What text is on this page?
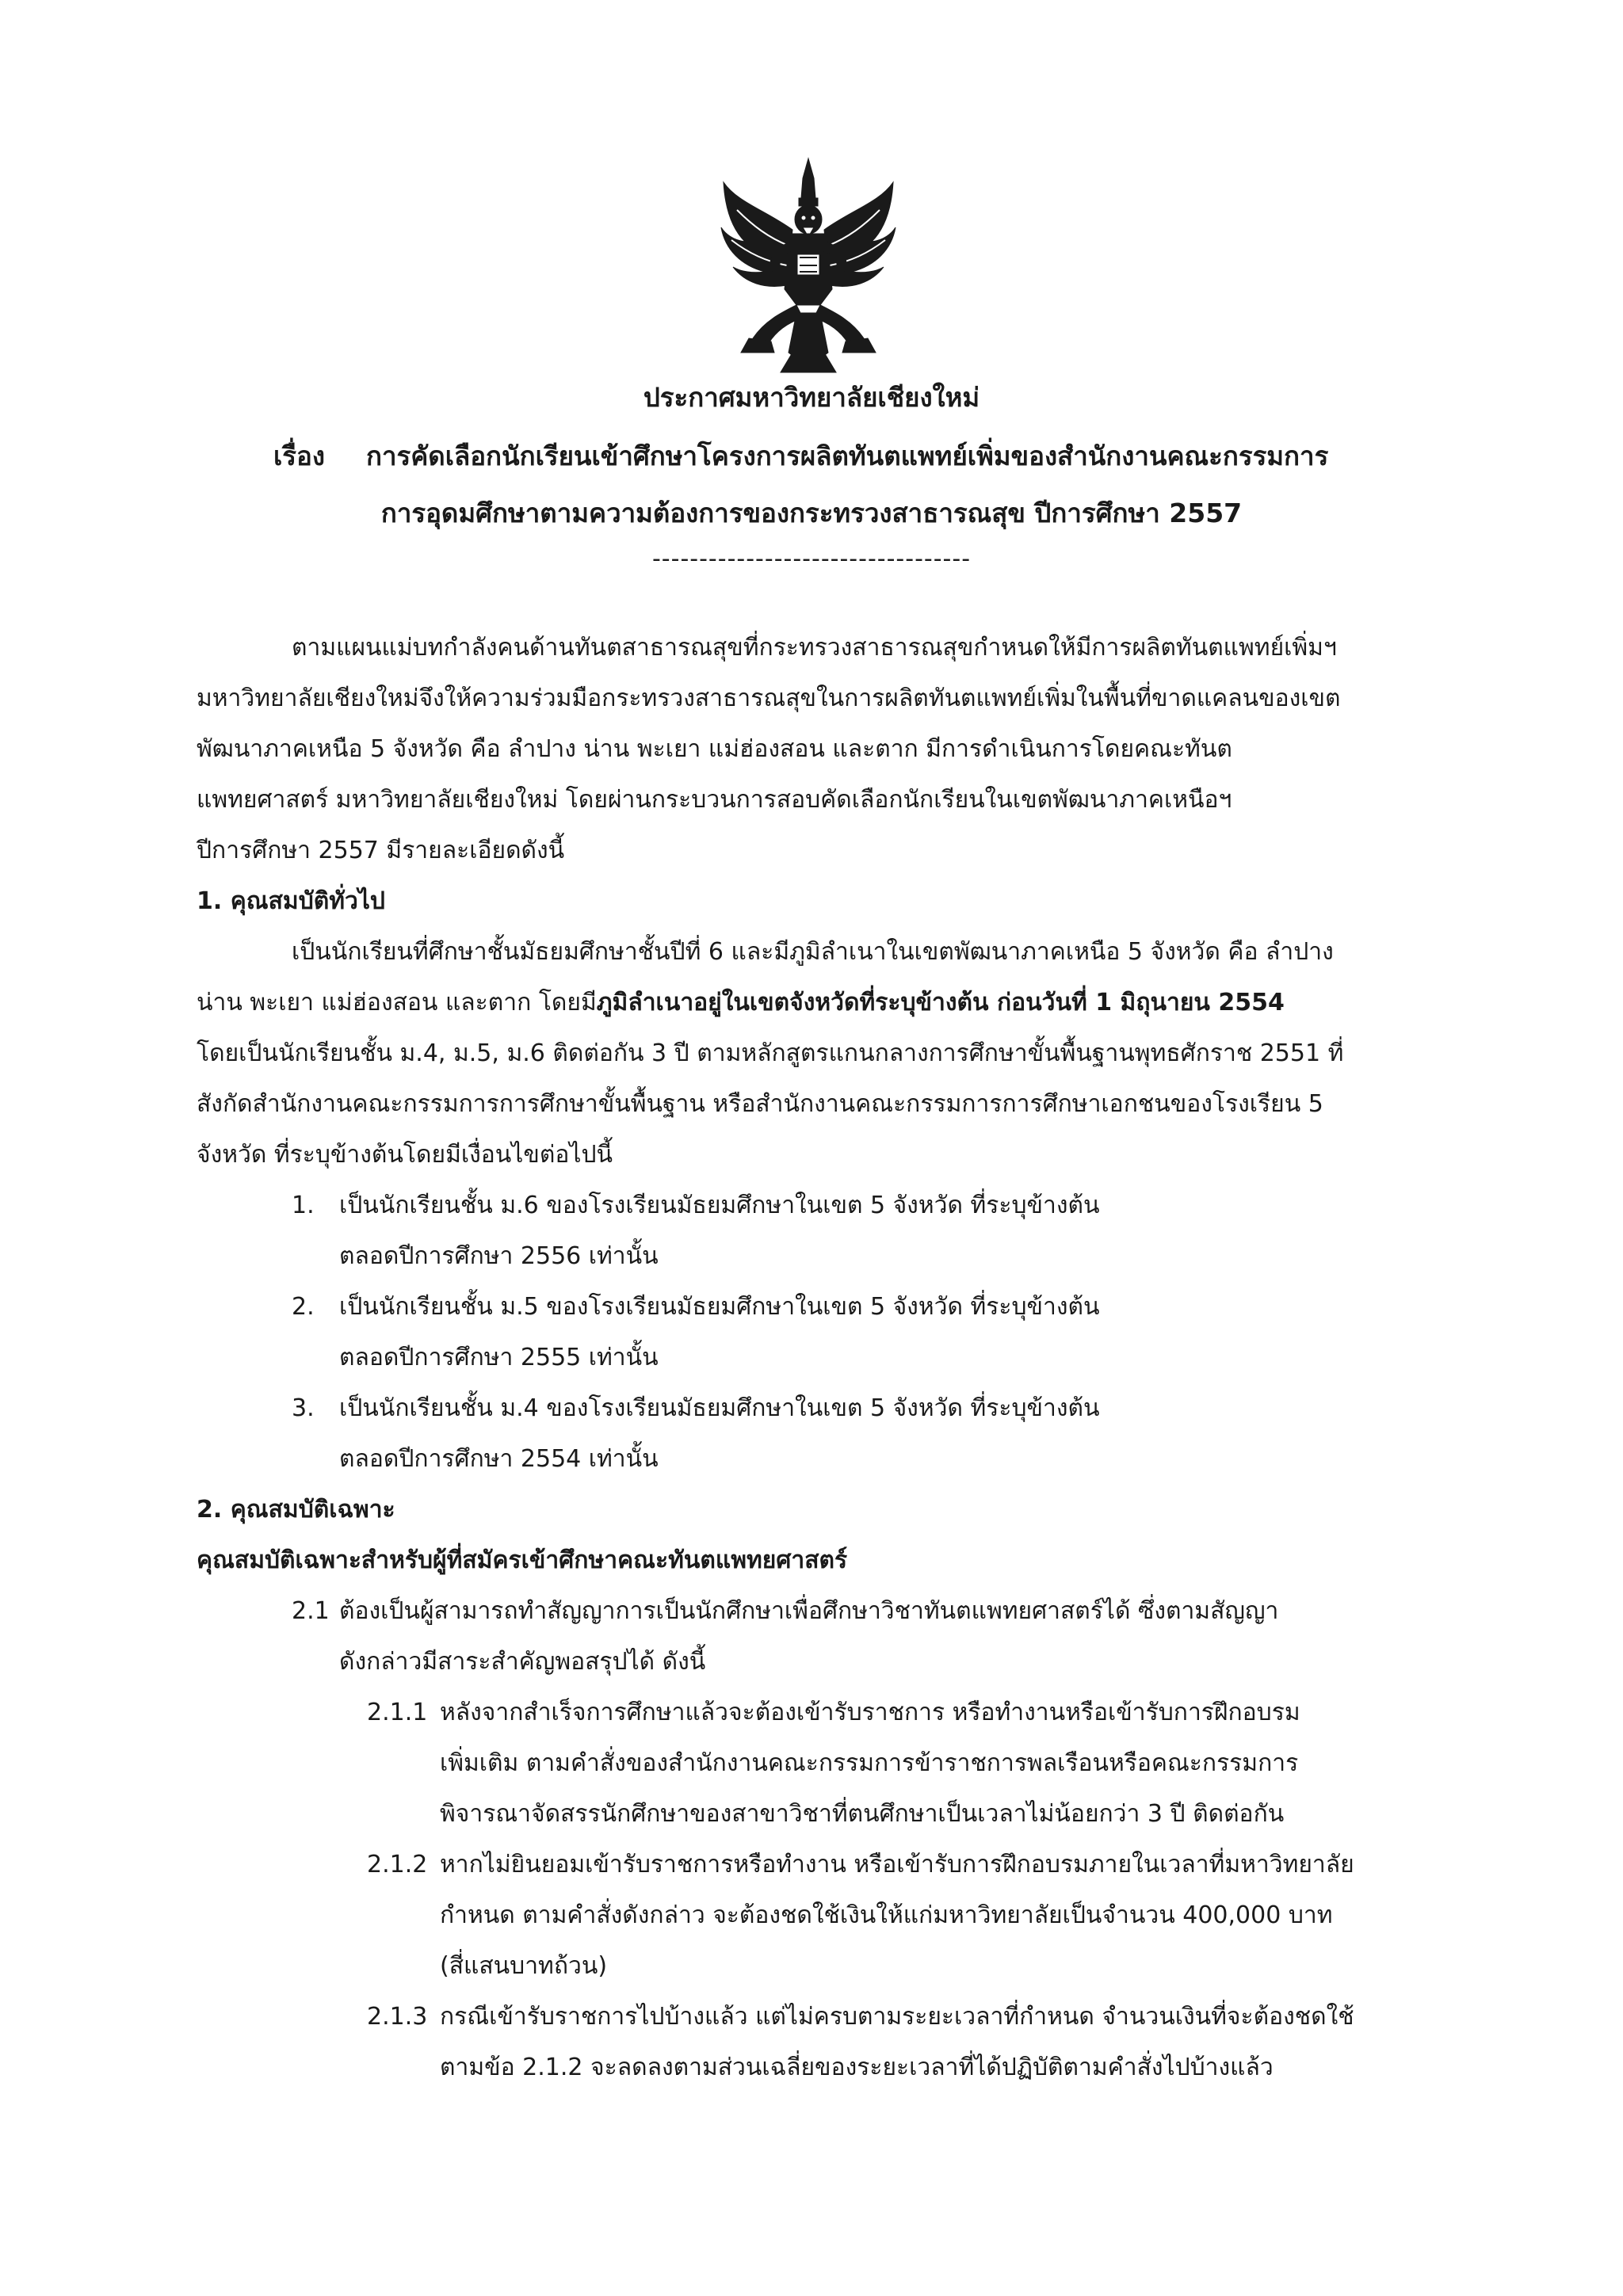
ประกาศมหาวิทยาลัยเชียงใหม่
เรื่อง การคัดเลือกนักเรียนเข้าศึกษาโครงการผลิตทันตแพทย์เพิ่มของสำนักงานคณะกรรมการ
การอุดมศึกษาตามความต้องการของกระทรวงสาธารณสุข ปีการศึกษา 2557
----------------------------------
ตามแผนแม่บทกำลังคนด้านทันตสาธารณสุขที่กระทรวงสาธารณสุขกำหนดให้มีการผลิตทันตแพทย์เพิ่มฯ
มหาวิทยาลัยเชียงใหม่จึงให้ความร่วมมือกระทรวงสาธารณสุขในการผลิตทันตแพทย์เพิ่มในพื้นที่ขาดแคลนของเขต
พัฒนาภาคเหนือ 5 จังหวัด คือ ลำปาง น่าน พะเยา แม่ฮ่องสอน และตาก มีการดำเนินการโดยคณะทันต
แพทยศาสตร์ มหาวิทยาลัยเชียงใหม่ โดยผ่านกระบวนการสอบคัดเลือกนักเรียนในเขตพัฒนาภาคเหนือฯ
ปีการศึกษา 2557 มีรายละเอียดดังนี้
1. คุณสมบัติทั่วไป
เป็นนักเรียนที่ศึกษาชั้นมัธยมศึกษาชั้นปีที่ 6 และมีภูมิลำเนาในเขตพัฒนาภาคเหนือ 5 จังหวัด คือ ลำปาง
น่าน พะเยา แม่ฮ่องสอน และตาก โดยมีภูมิลำเนาอยู่ในเขตจังหวัดที่ระบุข้างต้น ก่อนวันที่ 1 มิถุนายน 2554
โดยเป็นนักเรียนชั้น ม.4, ม.5, ม.6 ติดต่อกัน 3 ปี ตามหลักสูตรแกนกลางการศึกษาขั้นพื้นฐานพุทธศักราช 2551 ที่
สังกัดสำนักงานคณะกรรมการการศึกษาขั้นพื้นฐาน หรือสำนักงานคณะกรรมการการศึกษาเอกชนของโรงเรียน 5
จังหวัด ที่ระบุข้างต้นโดยมีเงื่อนไขต่อไปนี้
1. เป็นนักเรียนชั้น ม.6 ของโรงเรียนมัธยมศึกษาในเขต 5 จังหวัด ที่ระบุข้างต้น
ตลอดปีการศึกษา 2556 เท่านั้น
2. เป็นนักเรียนชั้น ม.5 ของโรงเรียนมัธยมศึกษาในเขต 5 จังหวัด ที่ระบุข้างต้น
ตลอดปีการศึกษา 2555 เท่านั้น
3. เป็นนักเรียนชั้น ม.4 ของโรงเรียนมัธยมศึกษาในเขต 5 จังหวัด ที่ระบุข้างต้น
ตลอดปีการศึกษา 2554 เท่านั้น
2. คุณสมบัติเฉพาะ
คุณสมบัติเฉพาะสำหรับผู้ที่สมัครเข้าศึกษาคณะทันตแพทยศาสตร์
2.1 ต้องเป็นผู้สามารถทำสัญญาการเป็นนักศึกษาเพื่อศึกษาวิชาทันตแพทยศาสตร์ได้ ซึ่งตามสัญญา
ดังกล่าวมีสาระสำคัญพอสรุปได้ ดังนี้
2.1.1 หลังจากสำเร็จการศึกษาแล้วจะต้องเข้ารับราชการ หรือทำงานหรือเข้ารับการฝึกอบรม
เพิ่มเติม ตามคำสั่งของสำนักงานคณะกรรมการข้าราชการพลเรือนหรือคณะกรรมการ
พิจารณาจัดสรรนักศึกษาของสาขาวิชาที่ตนศึกษาเป็นเวลาไม่น้อยกว่า 3 ปี ติดต่อกัน
2.1.2 หากไม่ยินยอมเข้ารับราชการหรือทำงาน หรือเข้ารับการฝึกอบรมภายในเวลาที่มหาวิทยาลัย
กำหนด ตามคำสั่งดังกล่าว จะต้องชดใช้เงินให้แก่มหาวิทยาลัยเป็นจำนวน 400,000 บาท
(สี่แสนบาทถ้วน)
2.1.3 กรณีเข้ารับราชการไปบ้างแล้ว แต่ไม่ครบตามระยะเวลาที่กำหนด จำนวนเงินที่จะต้องชดใช้
ตามข้อ 2.1.2 จะลดลงตามส่วนเฉลี่ยของระยะเวลาที่ได้ปฏิบัติตามคำสั่งไปบ้างแล้ว
